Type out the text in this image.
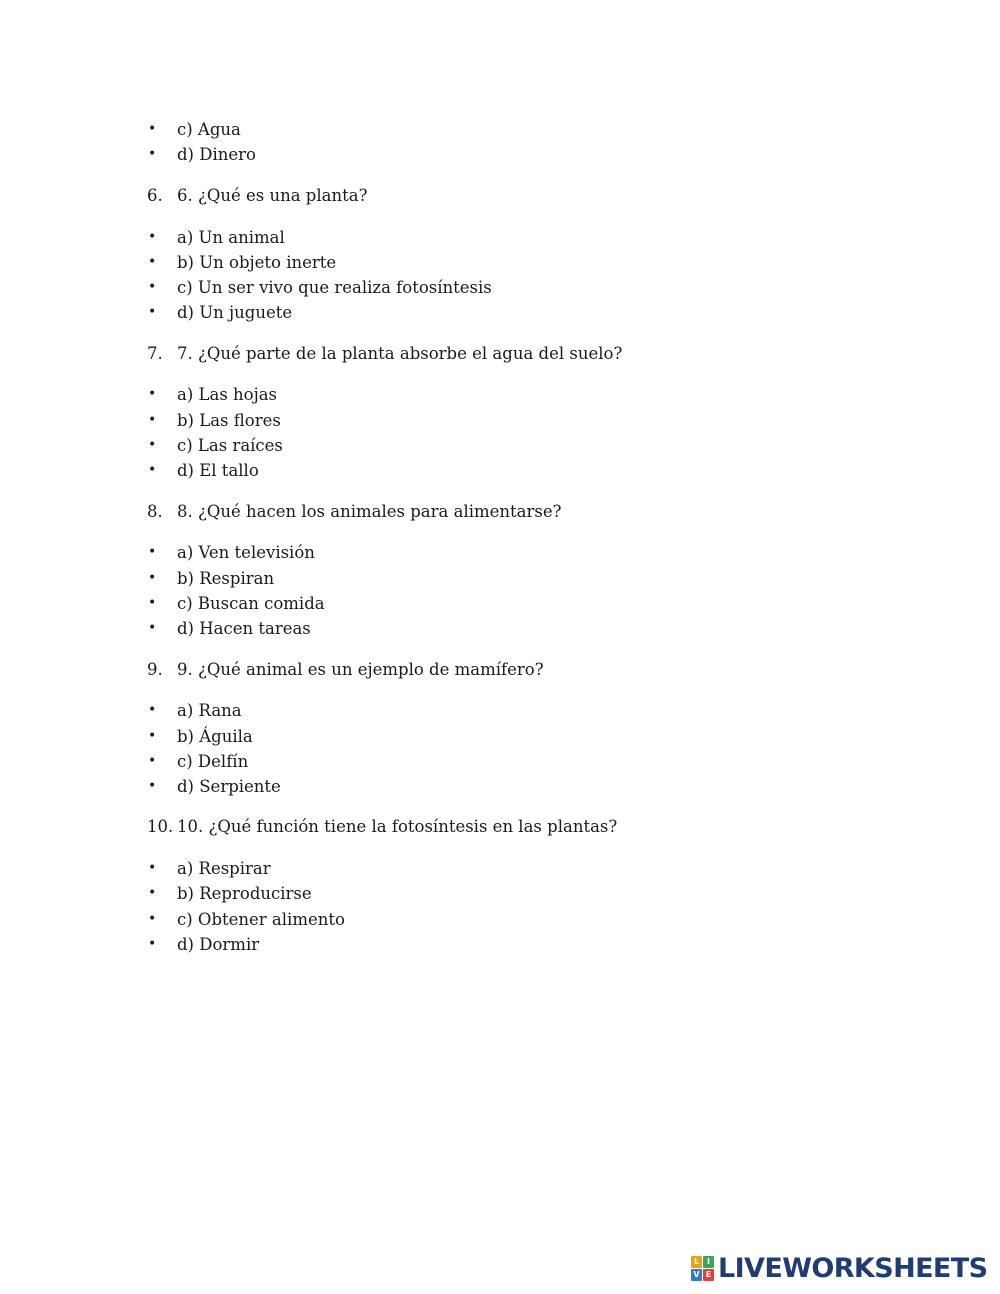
• c) Agua
• d) Dinero
6. 6. ¿Qué es una planta?
• a) Un animal
• b) Un objeto inerte
• c) Un ser vivo que realiza fotosíntesis
• d) Un juguete
7. 7. ¿Qué parte de la planta absorbe el agua del suelo?
• a) Las hojas
• b) Las flores
• c) Las raíces
• d) El tallo
8. 8. ¿Qué hacen los animales para alimentarse?
• a) Ven televisión
• b) Respiran
• c) Buscan comida
• d) Hacen tareas
9. 9. ¿Qué animal es un ejemplo de mamífero?
• a) Rana
• b) Águila
• c) Delfín
• d) Serpiente
10. 10. ¿Qué función tiene la fotosíntesis en las plantas?
• a) Respirar
• b) Reproducirse
• c) Obtener alimento
• d) Dormir
L I
V E LIVEWORKSHEETS
